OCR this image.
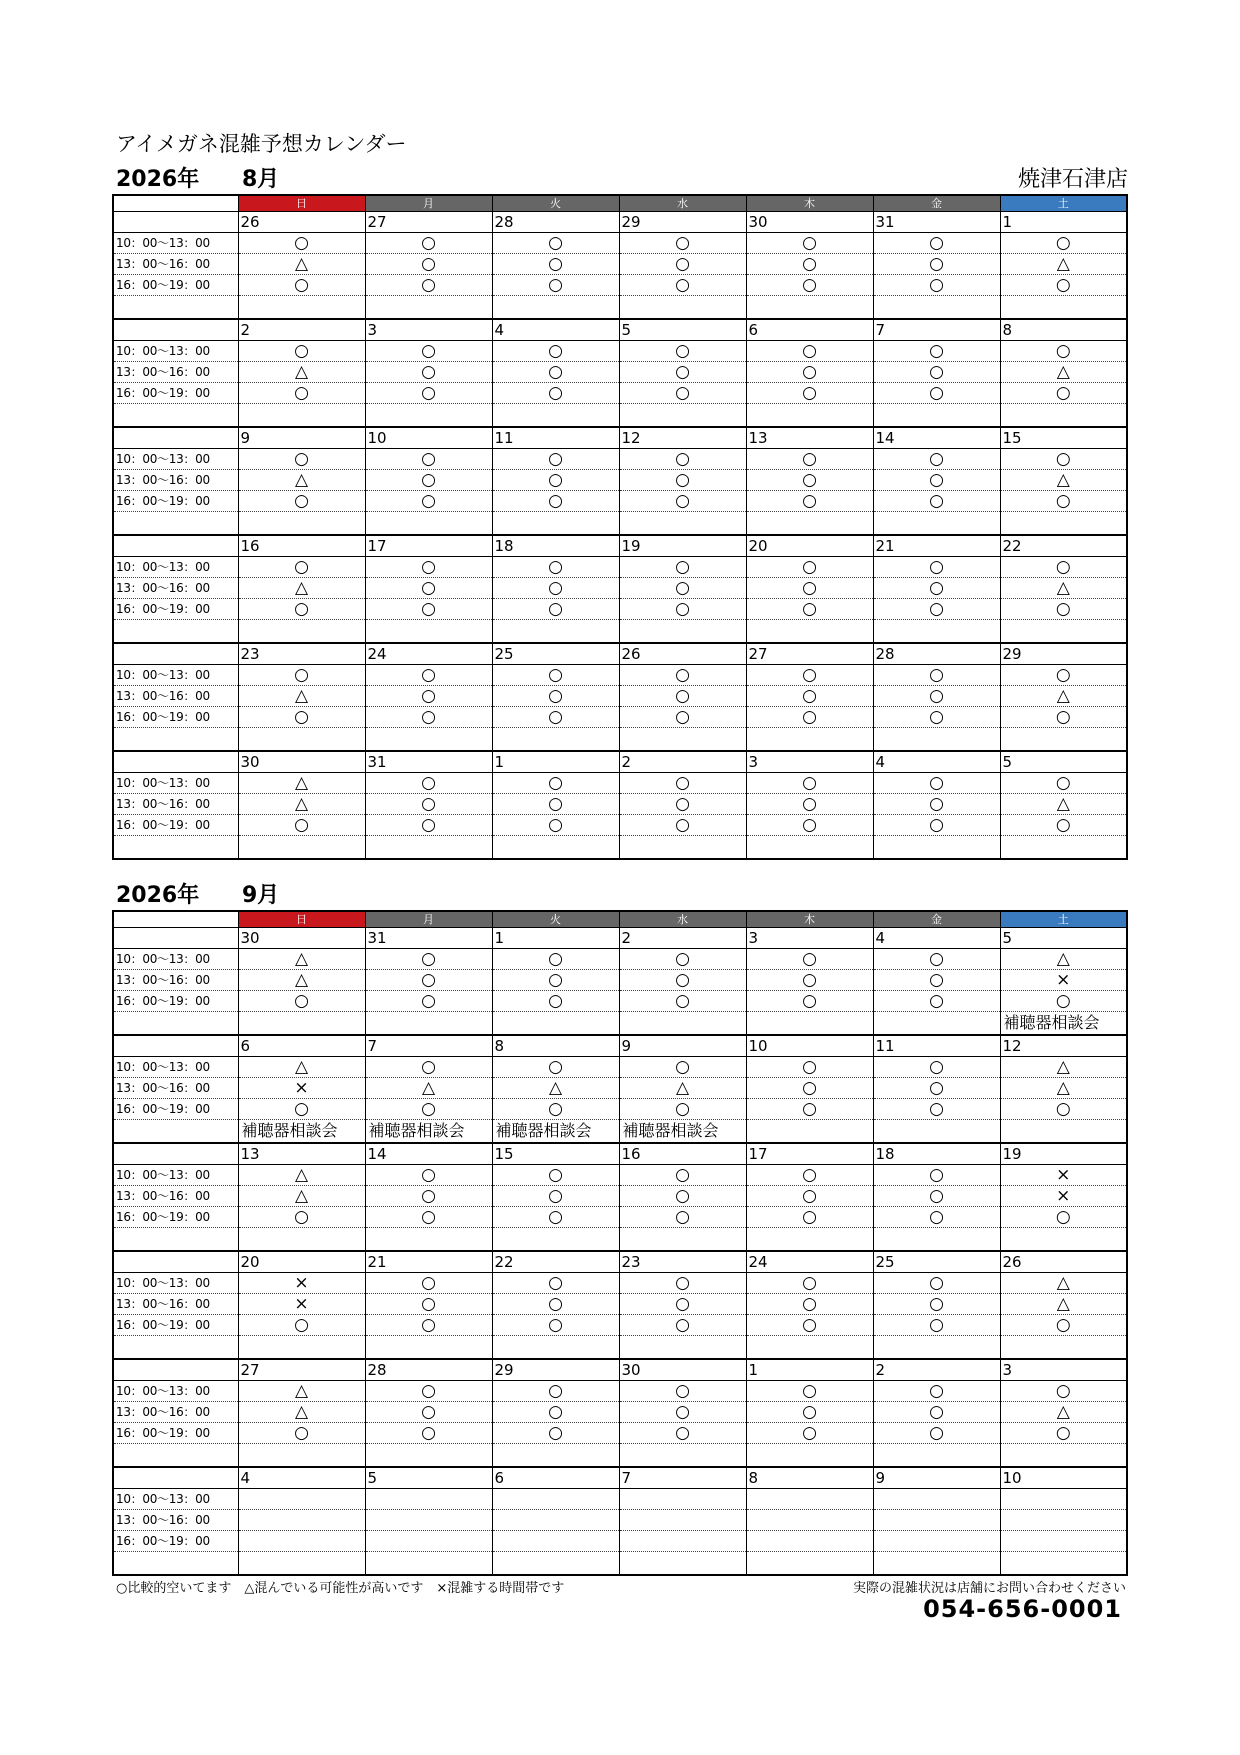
アイメガネ混雑予想カレンダー
焼津石津店
2026年 8月
	日	月	火	水	木	金	土
	26	27	28	29	30	31	1
10：00～13：00	○	○	○	○	○	○	○
13：00～16：00	△	○	○	○	○	○	△
16：00～19：00	○	○	○	○	○	○	○

	2	3	4	5	6	7	8
10：00～13：00	○	○	○	○	○	○	○
13：00～16：00	△	○	○	○	○	○	△
16：00～19：00	○	○	○	○	○	○	○

	9	10	11	12	13	14	15
10：00～13：00	○	○	○	○	○	○	○
13：00～16：00	△	○	○	○	○	○	△
16：00～19：00	○	○	○	○	○	○	○

	16	17	18	19	20	21	22
10：00～13：00	○	○	○	○	○	○	○
13：00～16：00	△	○	○	○	○	○	△
16：00～19：00	○	○	○	○	○	○	○

	23	24	25	26	27	28	29
10：00～13：00	○	○	○	○	○	○	○
13：00～16：00	△	○	○	○	○	○	△
16：00～19：00	○	○	○	○	○	○	○

	30	31	1	2	3	4	5
10：00～13：00	△	○	○	○	○	○	○
13：00～16：00	△	○	○	○	○	○	△
16：00～19：00	○	○	○	○	○	○	○

2026年 9月
	日	月	火	水	木	金	土
	30	31	1	2	3	4	5
10：00～13：00	△	○	○	○	○	○	△
13：00～16：00	△	○	○	○	○	○	×
16：00～19：00	○	○	○	○	○	○	○
							補聴器相談会
	6	7	8	9	10	11	12
10：00～13：00	△	○	○	○	○	○	△
13：00～16：00	×	△	△	△	○	○	△
16：00～19：00	○	○	○	○	○	○	○
	補聴器相談会	補聴器相談会	補聴器相談会	補聴器相談会			
	13	14	15	16	17	18	19
10：00～13：00	△	○	○	○	○	○	×
13：00～16：00	△	○	○	○	○	○	×
16：00～19：00	○	○	○	○	○	○	○

	20	21	22	23	24	25	26
10：00～13：00	×	○	○	○	○	○	△
13：00～16：00	×	○	○	○	○	○	△
16：00～19：00	○	○	○	○	○	○	○

	27	28	29	30	1	2	3
10：00～13：00	△	○	○	○	○	○	○
13：00～16：00	△	○	○	○	○	○	△
16：00～19：00	○	○	○	○	○	○	○

	4	5	6	7	8	9	10
10：00～13：00							
13：00～16：00							
16：00～19：00							

○比較的空いてます　△混んでいる可能性が高いです　×混雑する時間帯です	実際の混雑状況は店舗にお問い合わせください
054-656-0001
